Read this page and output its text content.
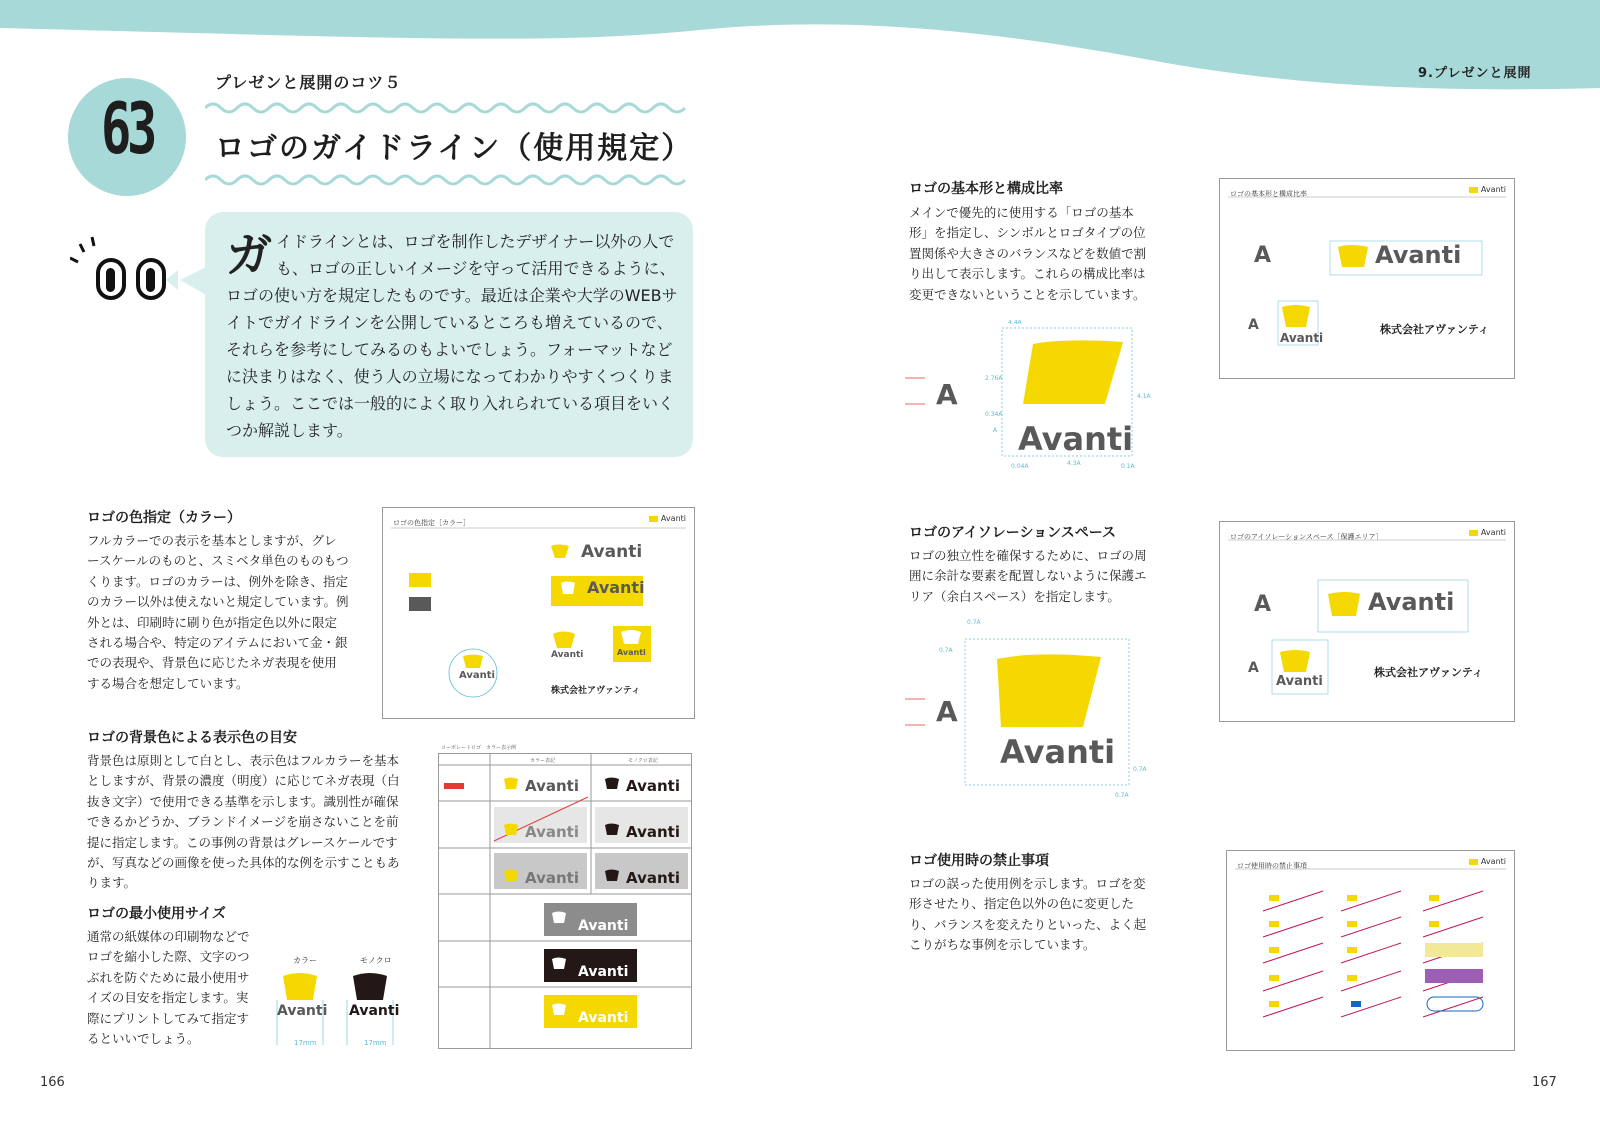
9.プレゼンと展開
プレゼンと展開のコツ５
63	ロゴのガイドライン（使用規定）
ガイドラインとは、ロゴを制作したデザイナー以外の人でも、ロゴの正しいイメージを守って活用できるように、ロゴの使い方を規定したものです。最近は企業や大学のWEBサイトでガイドラインを公開しているところも増えているので、それらを参考にしてみるのもよいでしょう。フォーマットなどに決まりはなく、使う人の立場になってわかりやすくつくりましょう。ここでは一般的によく取り入れられている項目をいくつか解説します。
ロゴの色指定（カラー）
フルカラーでの表示を基本としますが、グレースケールのものと、スミベタ単色のものもつくります。ロゴのカラーは、例外を除き、指定のカラー以外は使えないと規定しています。例外とは、印刷時に刷り色が指定色以外に限定される場合や、特定のアイテムにおいて金・銀での表現や、背景色に応じたネガ表現を使用する場合を想定しています。
ロゴの色指定［カラー］	Avanti
Avanti
Avanti
Avanti	Avanti
Avanti
株式会社アヴァンティ
ロゴの背景色による表示色の目安
背景色は原則として白とし、表示色はフルカラーを基本としますが、背景の濃度（明度）に応じてネガ表現（白抜き文字）で使用できる基準を示します。識別性が確保できるかどうか、ブランドイメージを崩さないことを前提に指定します。この事例の背景はグレースケールですが、写真などの画像を使った具体的な例を示すこともあります。
コーポレートロゴ　カラー表示例
カラー表記	モノクロ表記
Avanti	Avanti
Avanti	Avanti
Avanti	Avanti
Avanti
Avanti
Avanti
ロゴの最小使用サイズ
通常の紙媒体の印刷物などでロゴを縮小した際、文字のつぶれを防ぐために最小使用サイズの目安を指定します。実際にプリントしてみて指定するといいでしょう。
カラー	モノクロ
Avanti Avanti
17mm	17mm
166
ロゴの基本形と構成比率
メインで優先的に使用する「ロゴの基本形」を指定し、シンボルとロゴタイプの位置関係や大きさのバランスなどを数値で割り出して表示します。これらの構成比率は変更できないということを示しています。
4.4A
2.76A
0.34A
A
4.1A
0.04A	4.3A	0.1A
A
Avanti
ロゴの基本形と構成比率	Avanti
A	Avanti
A
Avanti
株式会社アヴァンティ
ロゴのアイソレーションスペース
ロゴの独立性を確保するために、ロゴの周囲に余計な要素を配置しないように保護エリア（余白スペース）を指定します。
0.7A
0.7A
0.7A
0.7A
A
Avanti
ロゴのアイソレーションスペース［保護エリア］	Avanti
A	Avanti
A
Avanti
株式会社アヴァンティ
ロゴ使用時の禁止事項
ロゴの誤った使用例を示します。ロゴを変形させたり、指定色以外の色に変更したり、バランスを変えたりといった、よく起こりがちな事例を示しています。
ロゴ使用時の禁止事項	Avanti
167
